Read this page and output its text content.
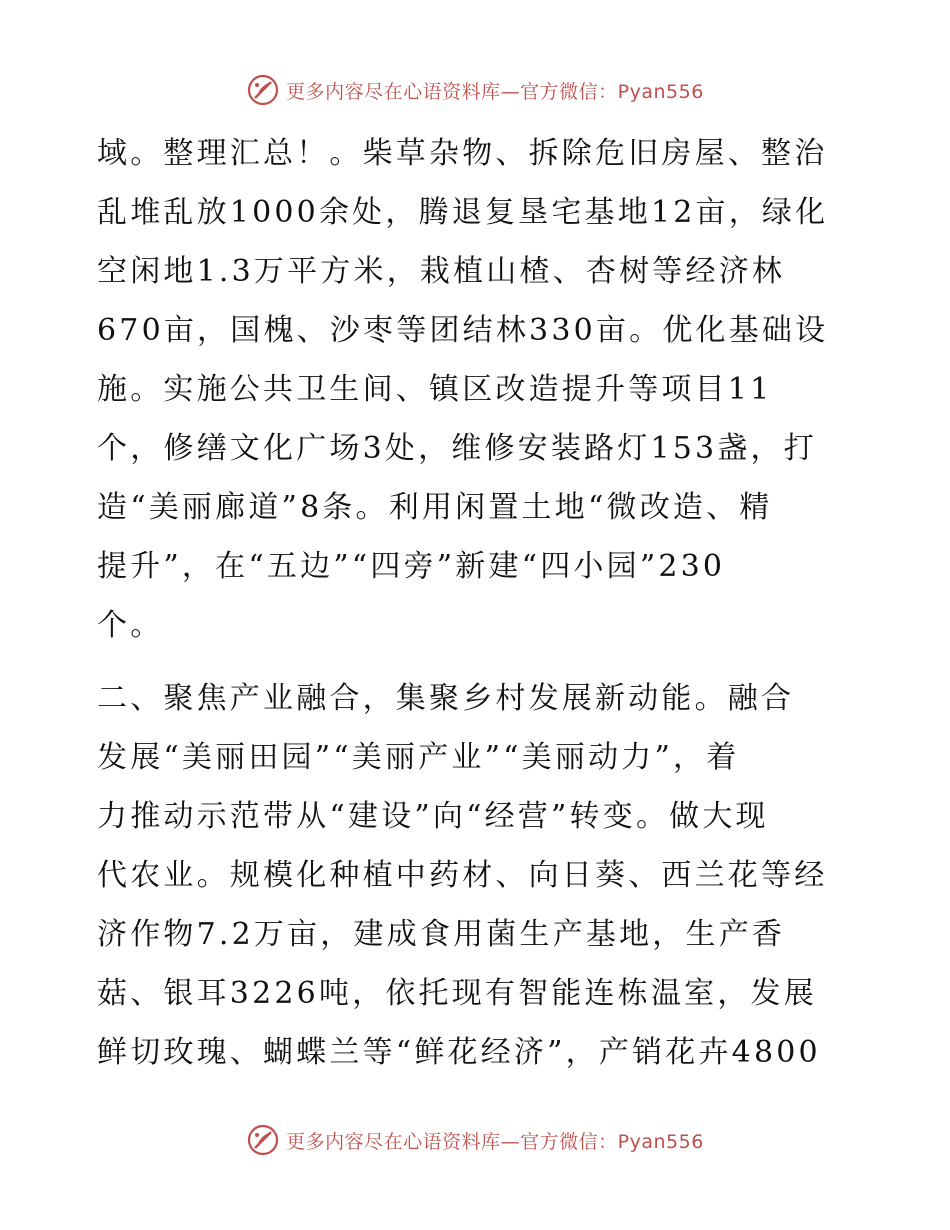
更多内容尽在心语资料库—官方微信：Pyan556
域。整理汇总！。柴草杂物、拆除危旧房屋、整治
乱堆乱放1000余处，腾退复垦宅基地12亩，绿化
空闲地1.3万平方米，栽植山楂、杏树等经济林
670亩，国槐、沙枣等团结林330亩。优化基础设
施。实施公共卫生间、镇区改造提升等项目11
个，修缮文化广场3处，维修安装路灯153盏，打
造“美丽廊道”8条。利用闲置土地“微改造、精
提升”，在“五边”“四旁”新建“四小园”230
个。
二、聚焦产业融合，集聚乡村发展新动能。融合
发展“美丽田园”“美丽产业”“美丽动力”，着
力推动示范带从“建设”向“经营”转变。做大现
代农业。规模化种植中药材、向日葵、西兰花等经
济作物7.2万亩，建成食用菌生产基地，生产香
菇、银耳3226吨，依托现有智能连栋温室，发展
鲜切玫瑰、蝴蝶兰等“鲜花经济”，产销花卉4800
更多内容尽在心语资料库—官方微信：Pyan556
